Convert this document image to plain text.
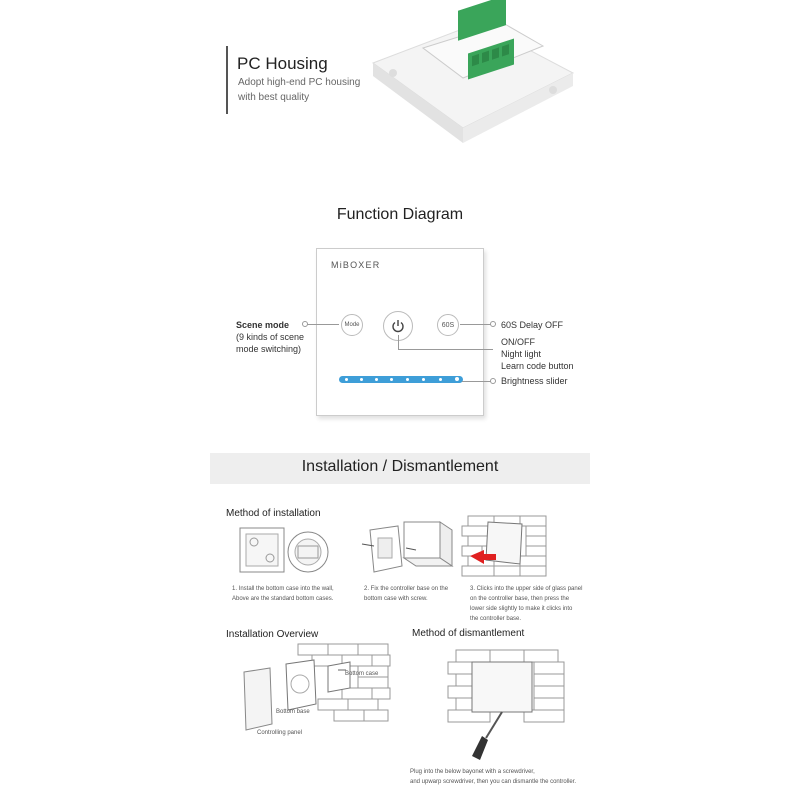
PC Housing
Adopt high-end PC housing
with best quality
Function Diagram
MiBOXER
Mode	60S
Scene mode
(9 kinds of scene
mode switching)
60S Delay OFF
ON/OFF
Night light
Learn code button
Brightness slider
Installation / Dismantlement
Method of installation
1. Install the bottom case into the wall,
Above are the standard bottom cases.
2. Fix the controller base on the
bottom case with screw.
3. Clicks into the upper side of glass panel
on the controller base, then press the
lower side slightly to make it clicks into
the controller base.
Installation Overview	Method of dismantlement
Bottom case
Bottom base
Controlling panel
Plug into the below bayonet with a screwdriver,
and upwarp screwdriver, then you can dismantle the controller.
